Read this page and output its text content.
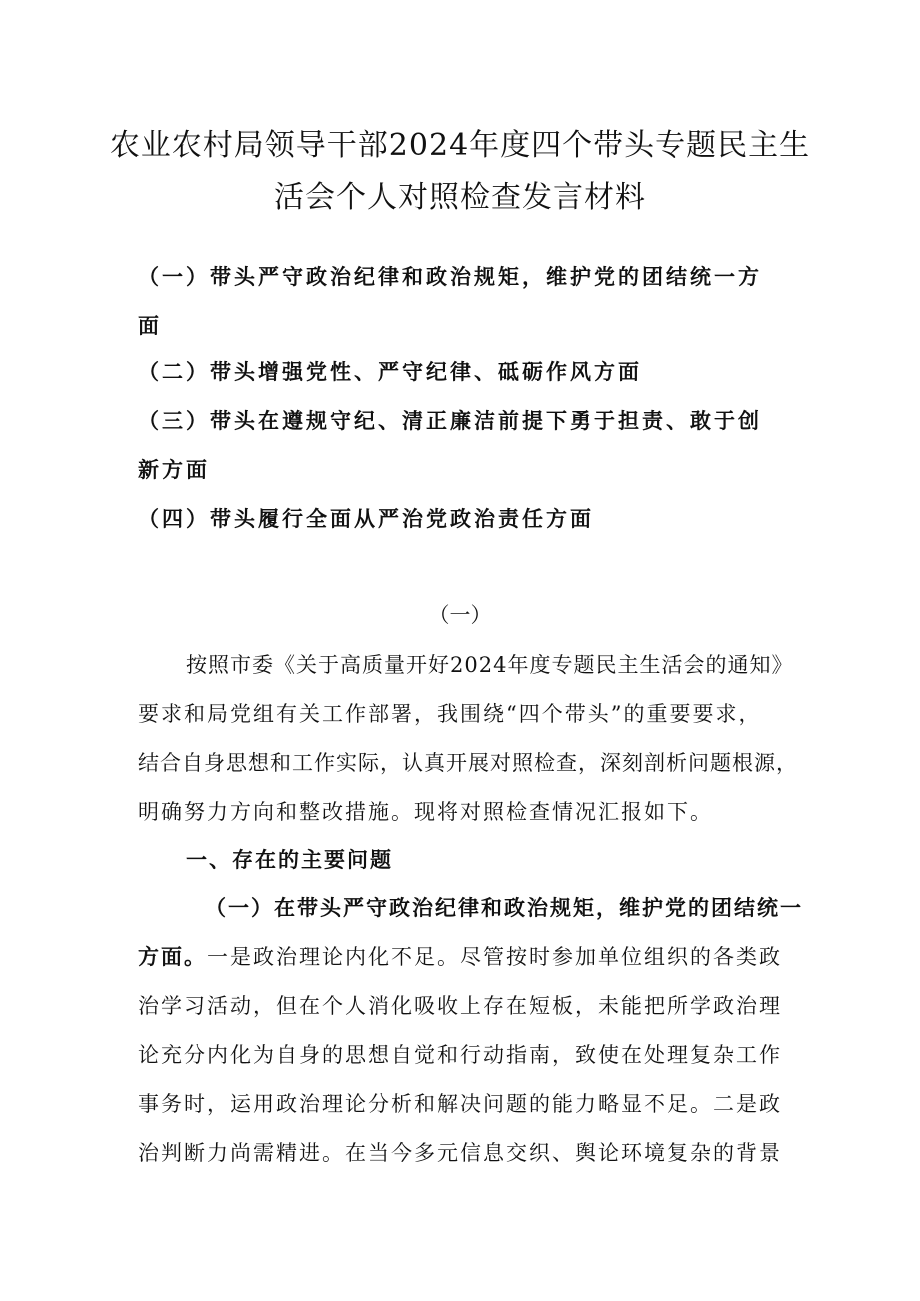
农业农村局领导干部2024年度四个带头专题民主生
活会个人对照检查发言材料
（一）带头严守政治纪律和政治规矩，维护党的团结统一方
面
（二）带头增强党性、严守纪律、砥砺作风方面
（三）带头在遵规守纪、清正廉洁前提下勇于担责、敢于创
新方面
（四）带头履行全面从严治党政治责任方面
（一）
按照市委《关于高质量开好2024年度专题民主生活会的通知》
要求和局党组有关工作部署，我围绕“四个带头”的重要要求，
结合自身思想和工作实际，认真开展对照检查，深刻剖析问题根源，
明确努力方向和整改措施。现将对照检查情况汇报如下。
一、存在的主要问题
（一）在带头严守政治纪律和政治规矩，维护党的团结统一
方面。一是政治理论内化不足。尽管按时参加单位组织的各类政
治学习活动，但在个人消化吸收上存在短板，未能把所学政治理
论充分内化为自身的思想自觉和行动指南，致使在处理复杂工作
事务时，运用政治理论分析和解决问题的能力略显不足。二是政
治判断力尚需精进。在当今多元信息交织、舆论环境复杂的背景
